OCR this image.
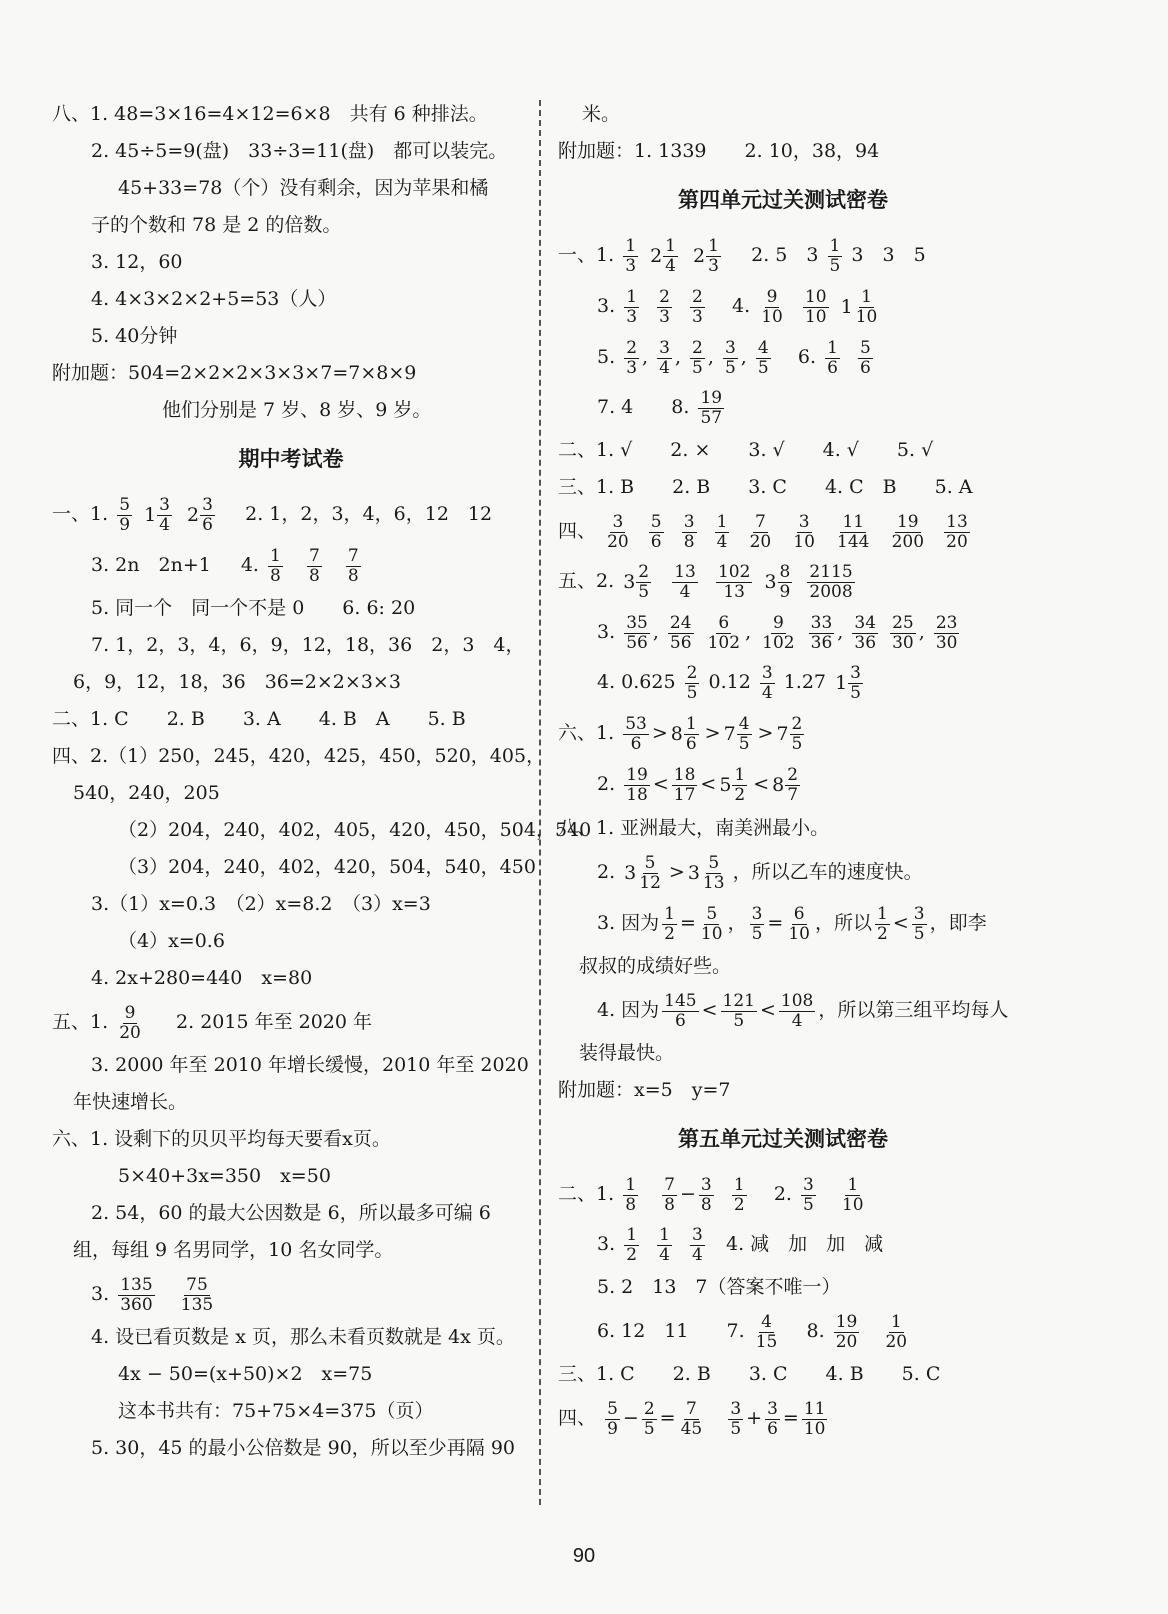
八、1. 48=3×16=4×12=6×8　共有 6 种排法。
2. 45÷5=9(盘)　33÷3=11(盘)　都可以装完。
45+33=78（个）没有剩余，因为苹果和橘
子的个数和 78 是 2 的倍数。
3. 12，60
4. 4×3×2×2+5=53（人）
5. 40分钟
附加题：504=2×2×2×3×3×7=7×8×9
他们分别是 7 岁、8 岁、9 岁。
期中考试卷
一、1. $\frac{5}{9}$
$1 \frac{3}{4}$
$2 \frac{3}{6} 2$. 1，2，3，4，6，12　12
3. 2n　2n+1 4. $\frac{1}{8}$
$\frac{7}{8}$
$\frac{7}{8}$
5. 同一个　同一个不是 0　　6. 6: 20
7. 1，2，3，4，6，9，12，18，36　2，3　4，
6，9，12，18，36　36=2×2×3×3
二、1. C　　2. B　　3. A　　4. B　A　　5. B
四、2.（1）250，245，420，425，450，520，405，
540，240，205
（2）204，240，402，405，420，450，504，540
（3）204，240，402，420，504，540，450
3.（1）x=0.3　（2）x=8.2　（3）x=3
（4）x=0.6
4. 2x+280=440　x=80
五、1. $\frac{9}{20} 2$. 2015 年至 2020 年
3. 2000 年至 2010 年增长缓慢，2010 年至 2020
年快速增长。
六、1. 设剩下的贝贝平均每天要看x页。
5×40+3x=350　x=50
2. 54，60 的最大公因数是 6，所以最多可编 6
组，每组 9 名男同学，10 名女同学。
3. $\frac{135}{360}$
$\frac{75}{135}$
4. 设已看页数是 x 页，那么未看页数就是 4x 页。
4x − 50=(x+50)×2　x=75
这本书共有：75+75×4=375（页）
5. 30，45 的最小公倍数是 90，所以至少再隔 90
米。
附加题：1. 1339　　2. 10，38，94
第四单元过关测试密卷
一、1. $\frac{1}{3}$
$2 \frac{1}{4}$
$2 \frac{1}{3} 2$. 5　$3 \frac{1}{5} 3$　3　5
3. $\frac{1}{3}$
$\frac{2}{3}$
$\frac{2}{3} 4$. $\frac{9}{10}$
$\frac{10}{10}$
$1 \frac{1}{10}$
5. $\frac{2}{3}$ , $\frac{3}{4}$ , $\frac{2}{5}$ , $\frac{3}{5}$ , $\frac{4}{5} 6$. $\frac{1}{6}$
$\frac{5}{6}$
7. 4　　8. $\frac{19}{57}$
二、1. √　　2. ×　　3. √　　4. √　　5. √
三、1. B　　2. B　　3. C　　4. C　B　　5. A
四、 $\frac{3}{20}$
$\frac{5}{6}$
$\frac{3}{8}$
$\frac{1}{4}$
$\frac{7}{20}$
$\frac{3}{10}$
$\frac{11}{144}$
$\frac{19}{200}$
$\frac{13}{20}$
五、2. $3 \frac{2}{5}$
$\frac{13}{4}$
$\frac{102}{13}$
$3 \frac{8}{9}$
$\frac{2115}{2008}$
3. $\frac{35}{56}$ , $\frac{24}{56}$
$\frac{6}{102}$ , $\frac{9}{102}$
$\frac{33}{36}$ , $\frac{34}{36}$
$\frac{25}{30}$ , $\frac{23}{30}$
4. $0.625 \frac{2}{5} 0.12 \frac{3}{4} 1.27$ $1 \frac{3}{5}$
六、1. $\frac{53}{6} > 8 \frac{1}{6} > 7 \frac{4}{5} > 7 \frac{2}{5}$
2. $\frac{19}{18} < \frac{18}{17} < 5 \frac{1}{2} < 8 \frac{2}{7}$
八、1. 亚洲最大，南美洲最小。
2. $3 \frac{5}{12} > 3 \frac{5}{13}$ ，所以乙车的速度快。
3. 因为 $\frac{1}{2} = \frac{5}{10}$ ， $\frac{3}{5} = \frac{6}{10}$ ，所以 $\frac{1}{2} < \frac{3}{5}$ ，即李
叔叔的成绩好些。
4. 因为 $\frac{145}{6} < \frac{121}{5} < \frac{108}{4}$ ，所以第三组平均每人
装得最快。
附加题：x=5　y=7
第五单元过关测试密卷
二、1. $\frac{1}{8}$
$\frac{7}{8} - \frac{3}{8}$
$\frac{1}{2} 2$. $\frac{3}{5}$
$\frac{1}{10}$
3. $\frac{1}{2}$
$\frac{1}{4}$
$\frac{3}{4} 4$. 减　加　加　减
5. 2　13　7（答案不唯一）
6. 12　11　　7. $\frac{4}{15} 8$. $\frac{19}{20}$
$\frac{1}{20}$
三、1. C　　2. B　　3. C　　4. B　　5. C
四、 $\frac{5}{9} - \frac{2}{5} = \frac{7}{45}$
$\frac{3}{5} + \frac{3}{6} = \frac{11}{10}$
90
